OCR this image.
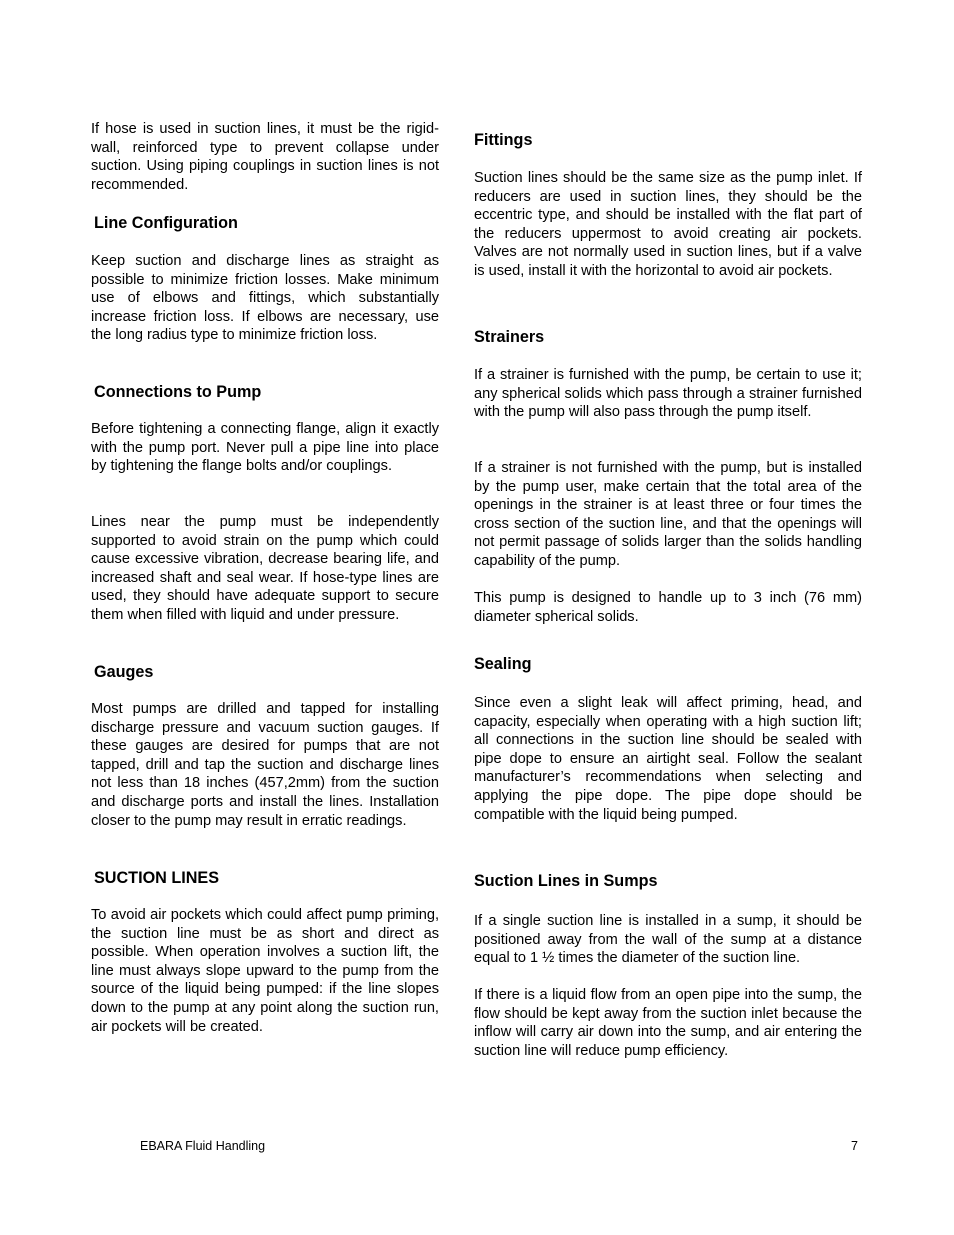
If hose is used in suction lines, it must be the rigid-wall, reinforced type to prevent collapse under suction. Using piping couplings in suction lines is not recommended.

Line Configuration

Keep suction and discharge lines as straight as possible to minimize friction losses. Make minimum use of elbows and fittings, which substantially increase friction loss. If elbows are necessary, use the long radius type to minimize friction loss.

Connections to Pump

Before tightening a connecting flange, align it exactly with the pump port. Never pull a pipe line into place by tightening the flange bolts and/or couplings.

Lines near the pump must be independently supported to avoid strain on the pump which could cause excessive vibration, decrease bearing life, and increased shaft and seal wear. If hose-type lines are used, they should have adequate support to secure them when filled with liquid and under pressure.

Gauges

Most pumps are drilled and tapped for installing discharge pressure and vacuum suction gauges. If these gauges are desired for pumps that are not tapped, drill and tap the suction and discharge lines not less than 18 inches (457,2mm) from the suction and discharge ports and install the lines. Installation closer to the pump may result in erratic readings.

SUCTION LINES

To avoid air pockets which could affect pump priming, the suction line must be as short and direct as possible. When operation involves a suction lift, the line must always slope upward to the pump from the source of the liquid being pumped: if the line slopes down to the pump at any point along the suction run, air pockets will be created.

Fittings

Suction lines should be the same size as the pump inlet. If reducers are used in suction lines, they should be the eccentric type, and should be installed with the flat part of the reducers uppermost to avoid creating air pockets. Valves are not normally used in suction lines, but if a valve is used, install it with the horizontal to avoid air pockets.

Strainers

If a strainer is furnished with the pump, be certain to use it; any spherical solids which pass through a strainer furnished with the pump will also pass through the pump itself.

If a strainer is not furnished with the pump, but is installed by the pump user, make certain that the total area of the openings in the strainer is at least three or four times the cross section of the suction line, and that the openings will not permit passage of solids larger than the solids handling capability of the pump.

This pump is designed to handle up to 3 inch (76 mm) diameter spherical solids.

Sealing

Since even a slight leak will affect priming, head, and capacity, especially when operating with a high suction lift; all connections in the suction line should be sealed with pipe dope to ensure an airtight seal. Follow the sealant manufacturer’s recommendations when selecting and applying the pipe dope. The pipe dope should be compatible with the liquid being pumped.

Suction Lines in Sumps

If a single suction line is installed in a sump, it should be positioned away from the wall of the sump at a distance equal to 1 ½ times the diameter of the suction line.

If there is a liquid flow from an open pipe into the sump, the flow should be kept away from the suction inlet because the inflow will carry air down into the sump, and air entering the suction line will reduce pump efficiency.

EBARA Fluid Handling	7
